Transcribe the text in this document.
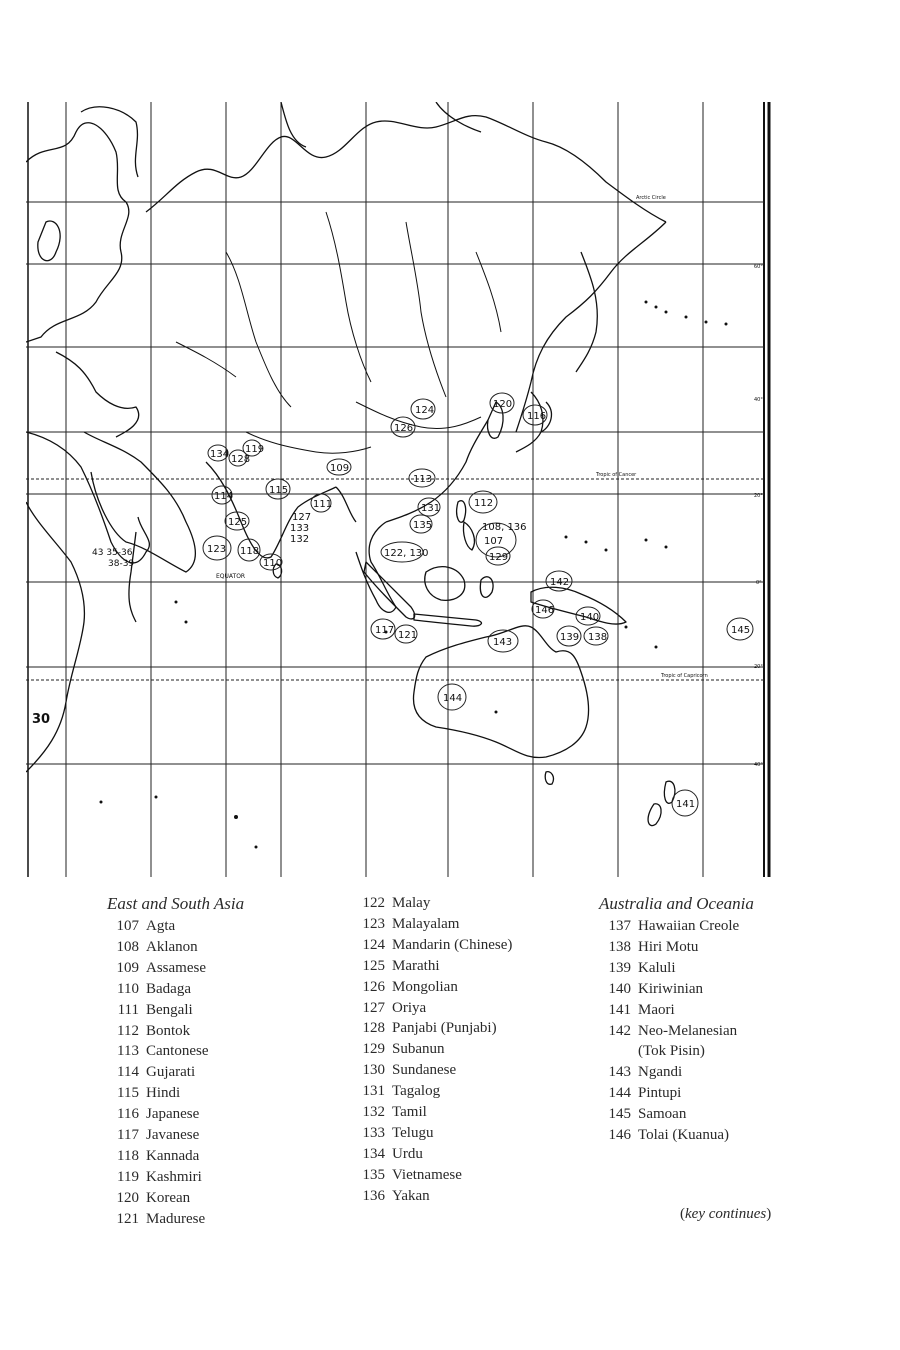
EQUATOR
Arctic Circle
Tropic of Cancer
Tropic of Capricorn
60°
40°
20°
0°
20°
40°
107
108, 136
109
110
111	112
113
114
115
116
117
118
119
120
121
122, 130
123
124
125
126
127
128
129
131
132
133
134
135
138
139
140
141
142
143
144
145
146
30
43 35-36
38-39
East and South Asia
107 Agta
108 Aklanon
109 Assamese
110 Badaga
111 Bengali
112 Bontok
113 Cantonese
114 Gujarati
115 Hindi
116 Japanese
117 Javanese
118 Kannada
119 Kashmiri
120 Korean
121 Madurese
122 Malay
123 Malayalam
124 Mandarin (Chinese)
125 Marathi
126 Mongolian
127 Oriya
128 Panjabi (Punjabi)
129 Subanun
130 Sundanese
131 Tagalog
132 Tamil
133 Telugu
134 Urdu
135 Vietnamese
136 Yakan
Australia and Oceania
137 Hawaiian Creole
138 Hiri Motu
139 Kaluli
140 Kiriwinian
141 Maori
142 Neo-Melanesian
(Tok Pisin)
143 Ngandi
144 Pintupi
145 Samoan
146 Tolai (Kuanua)
(key continues)
